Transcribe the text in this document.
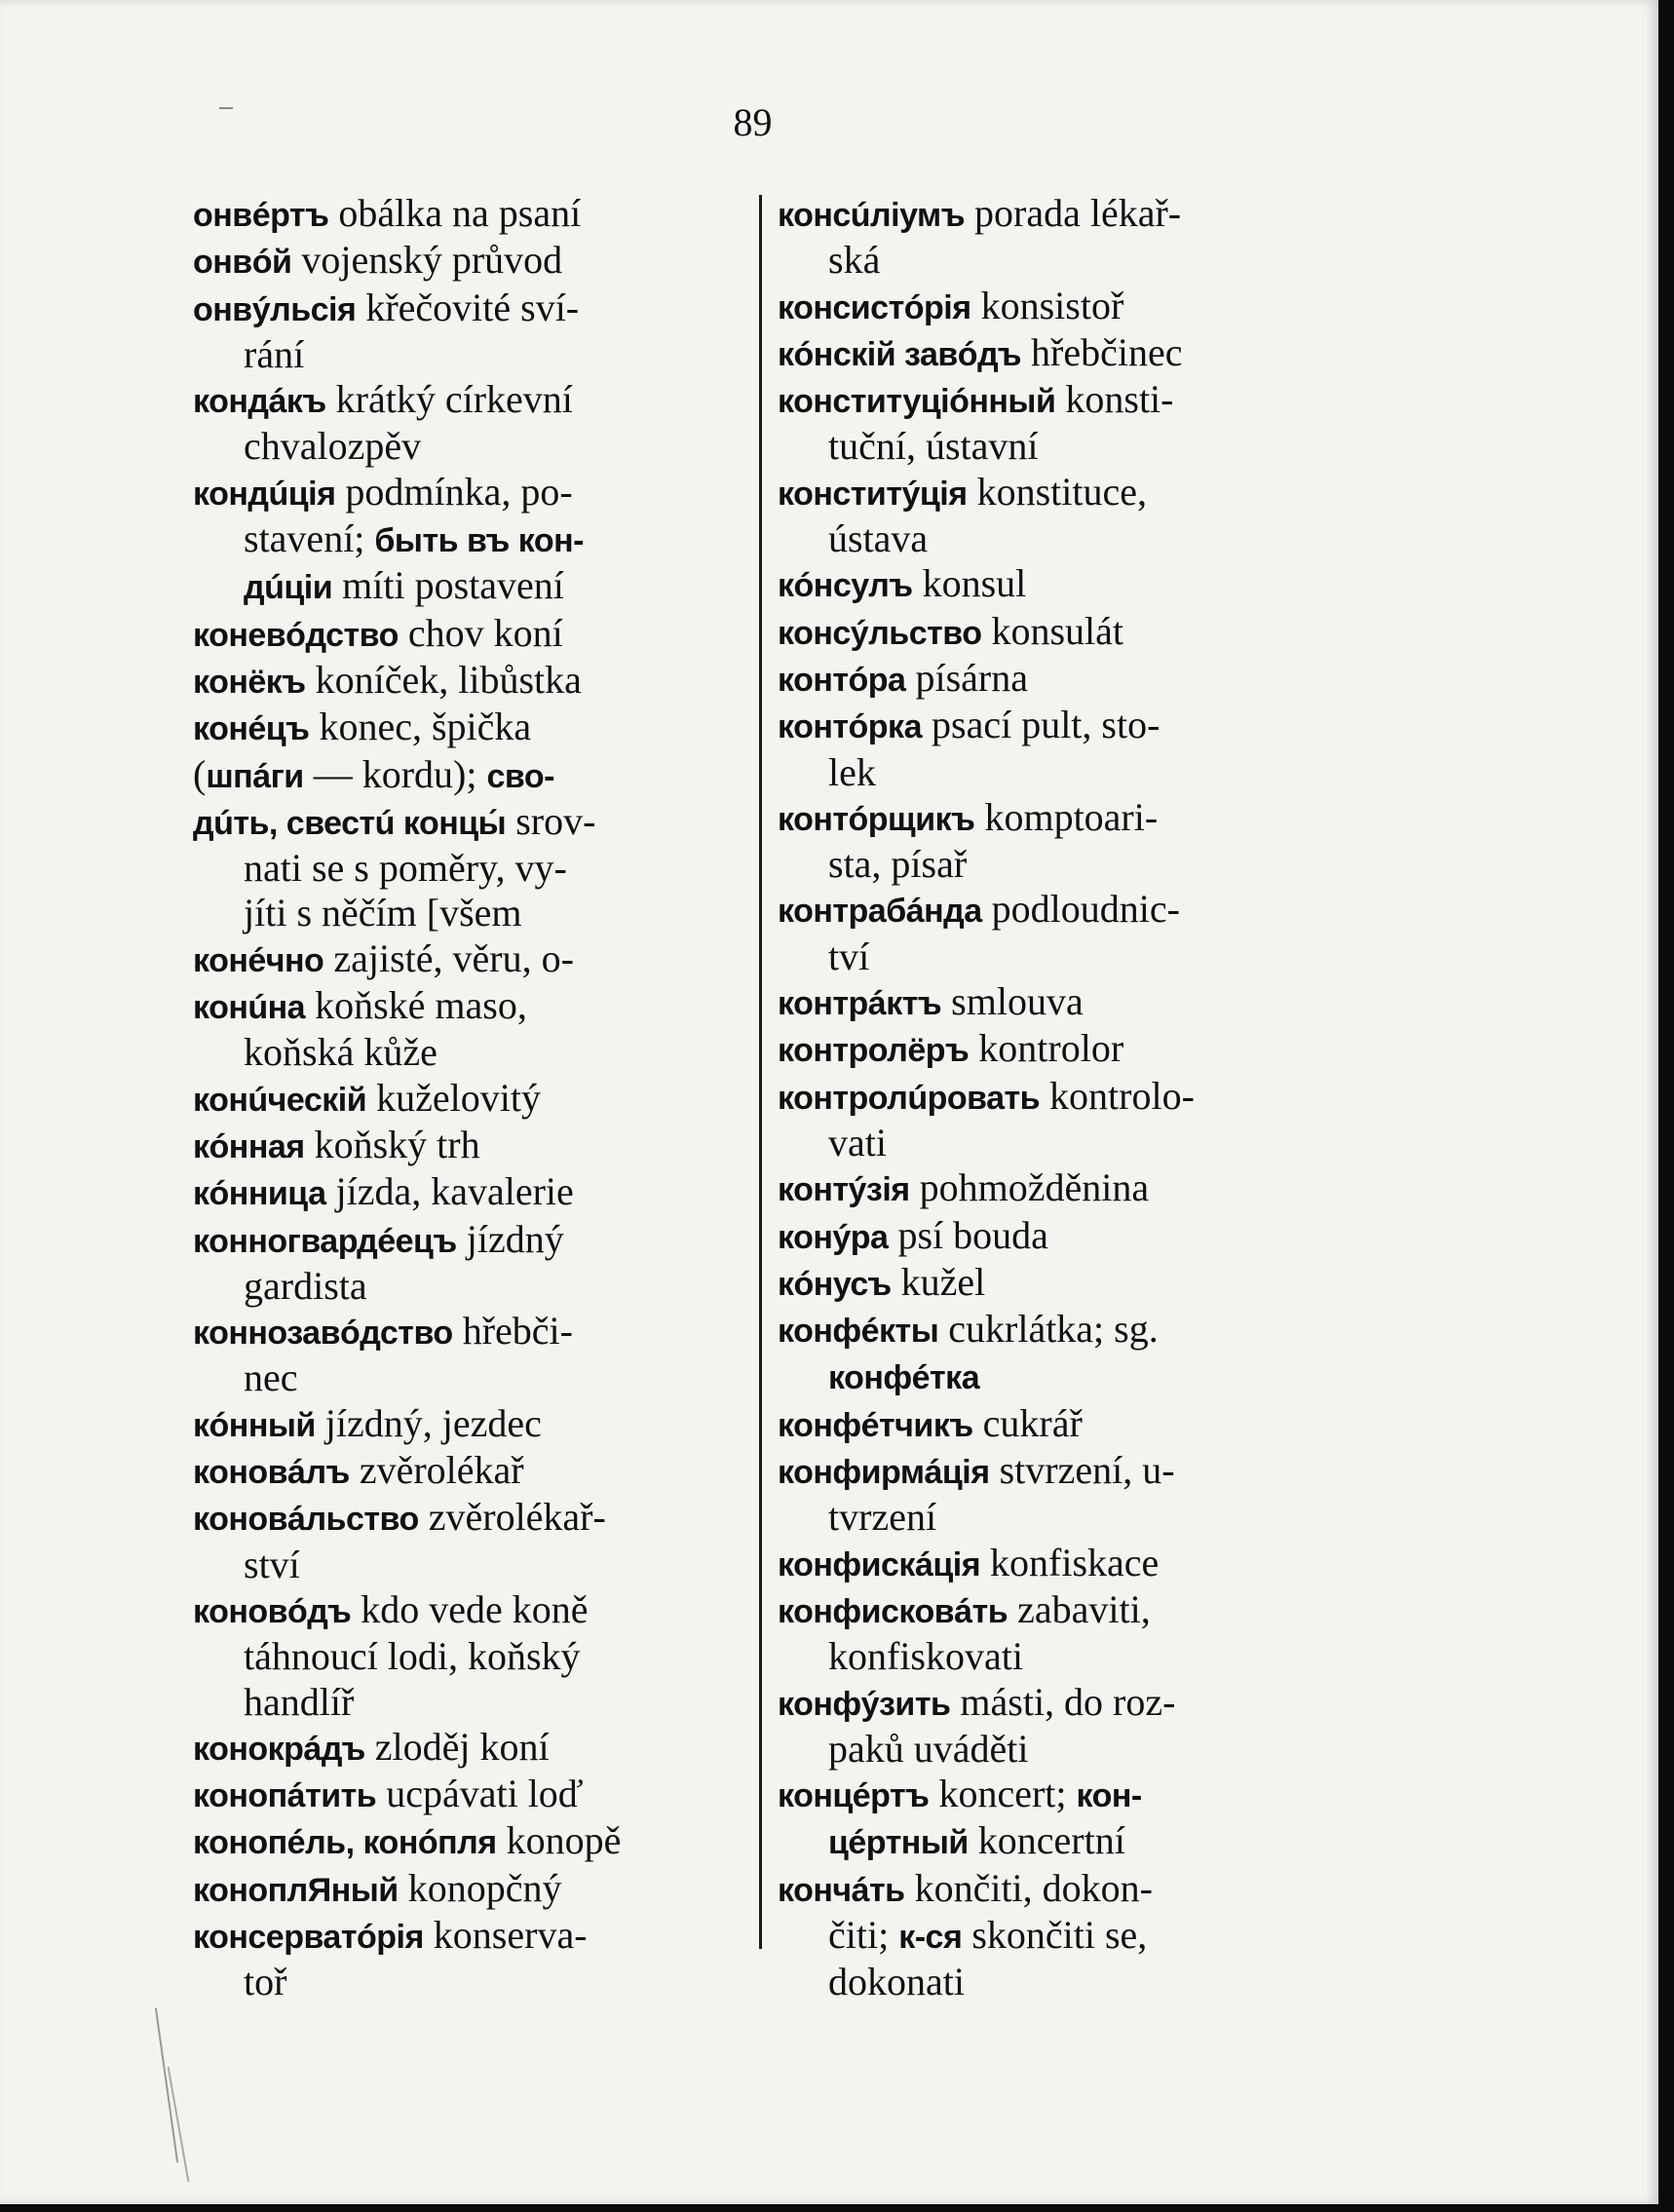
89
онвéртъ obálka na psaní
онвóй vojenský průvod
онвýльсія křečovité sví-
rání
кондáкъ krátký církevní
chvalozpěv
кондúція podmínka, po-
stavení; быть въ кон-
дúціи míti postavení
коневóдство chov koní
конёкъ koníček, libůstka
конéцъ konec, špička
(шпáги — kordu); сво-
дúть, свестú концы́ srov-
nati se s poměry, vy-
jíti s něčím [všem
конéчно zajisté, věru, o-
конúна koňské maso,
koňská kůže
конúческій kuželovitý
кóнная koňský trh
кóнница jízda, kavalerie
конногвардéецъ jízdný
gardista
коннозавóдство hřebči-
nec
кóнный jízdný, jezdec
коновáлъ zvěrolékař
коновáльство zvěrolékař-
ství
коновóдъ kdo vede koně
táhnoucí lodi, koňský
handlíř
конокрáдъ zloděj koní
конопáтить ucpávati loď
конопéль, конóпля konopě
коноплЯный konopčný
консерватóрія konserva-
toř
консúліумъ porada lékař-
ská
консистóрія konsistoř
кóнскій завóдъ hřebčinec
конституціóнный konsti-
tuční, ústavní
конститýція konstituce,
ústava
кóнсулъ konsul
консýльство konsulát
контóра písárna
контóрка psací pult, sto-
lek
контóрщикъ komptoari-
sta, písař
контрабáнда podloudnic-
tví
контрáктъ smlouva
контролёръ kontrolor
контролúровать kontrolo-
vati
контýзія pohmožděnina
конýра psí bouda
кóнусъ kužel
конфéкты cukrlátka; sg.
конфéтка
конфéтчикъ cukrář
конфирмáція stvrzení, u-
tvrzení
конфискáція konfiskace
конфисковáть zabaviti,
konfiskovati
конфýзить másti, do roz-
paků uváděti
концéртъ koncert; кон-
цéртный koncertní
кончáть končiti, dokon-
čiti; к-ся skončiti se,
dokonati
